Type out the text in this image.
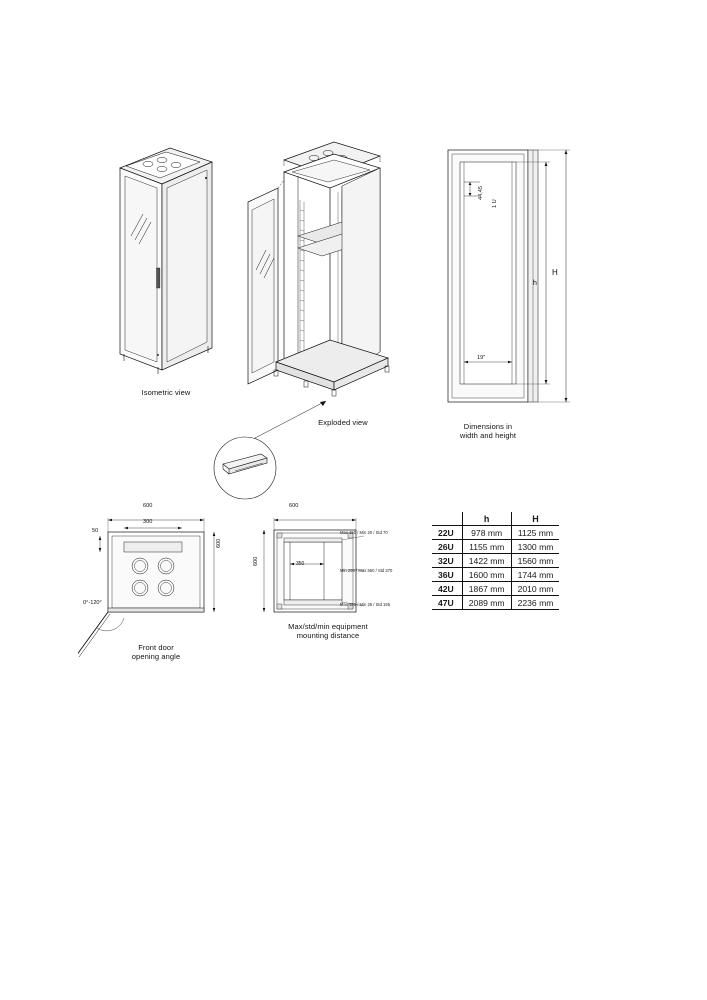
Isometric view
Exploded view
H
h
44,45
1 U
19"
Dimensions in
width and height
600
300
50
600
0°-120°
Front door
opening angle
600
600	350
Max 150 / Min 20 / Std 70
Min 290 / Max 550 / Std 370
Max 155 / Min 25 / Std 155
Max/std/min equipment
mounting distance
	h	H
22U	978 mm	1125 mm
26U	1155 mm	1300 mm
32U	1422 mm	1560 mm
36U	1600 mm	1744 mm
42U	1867 mm	2010 mm
47U	2089 mm	2236 mm
